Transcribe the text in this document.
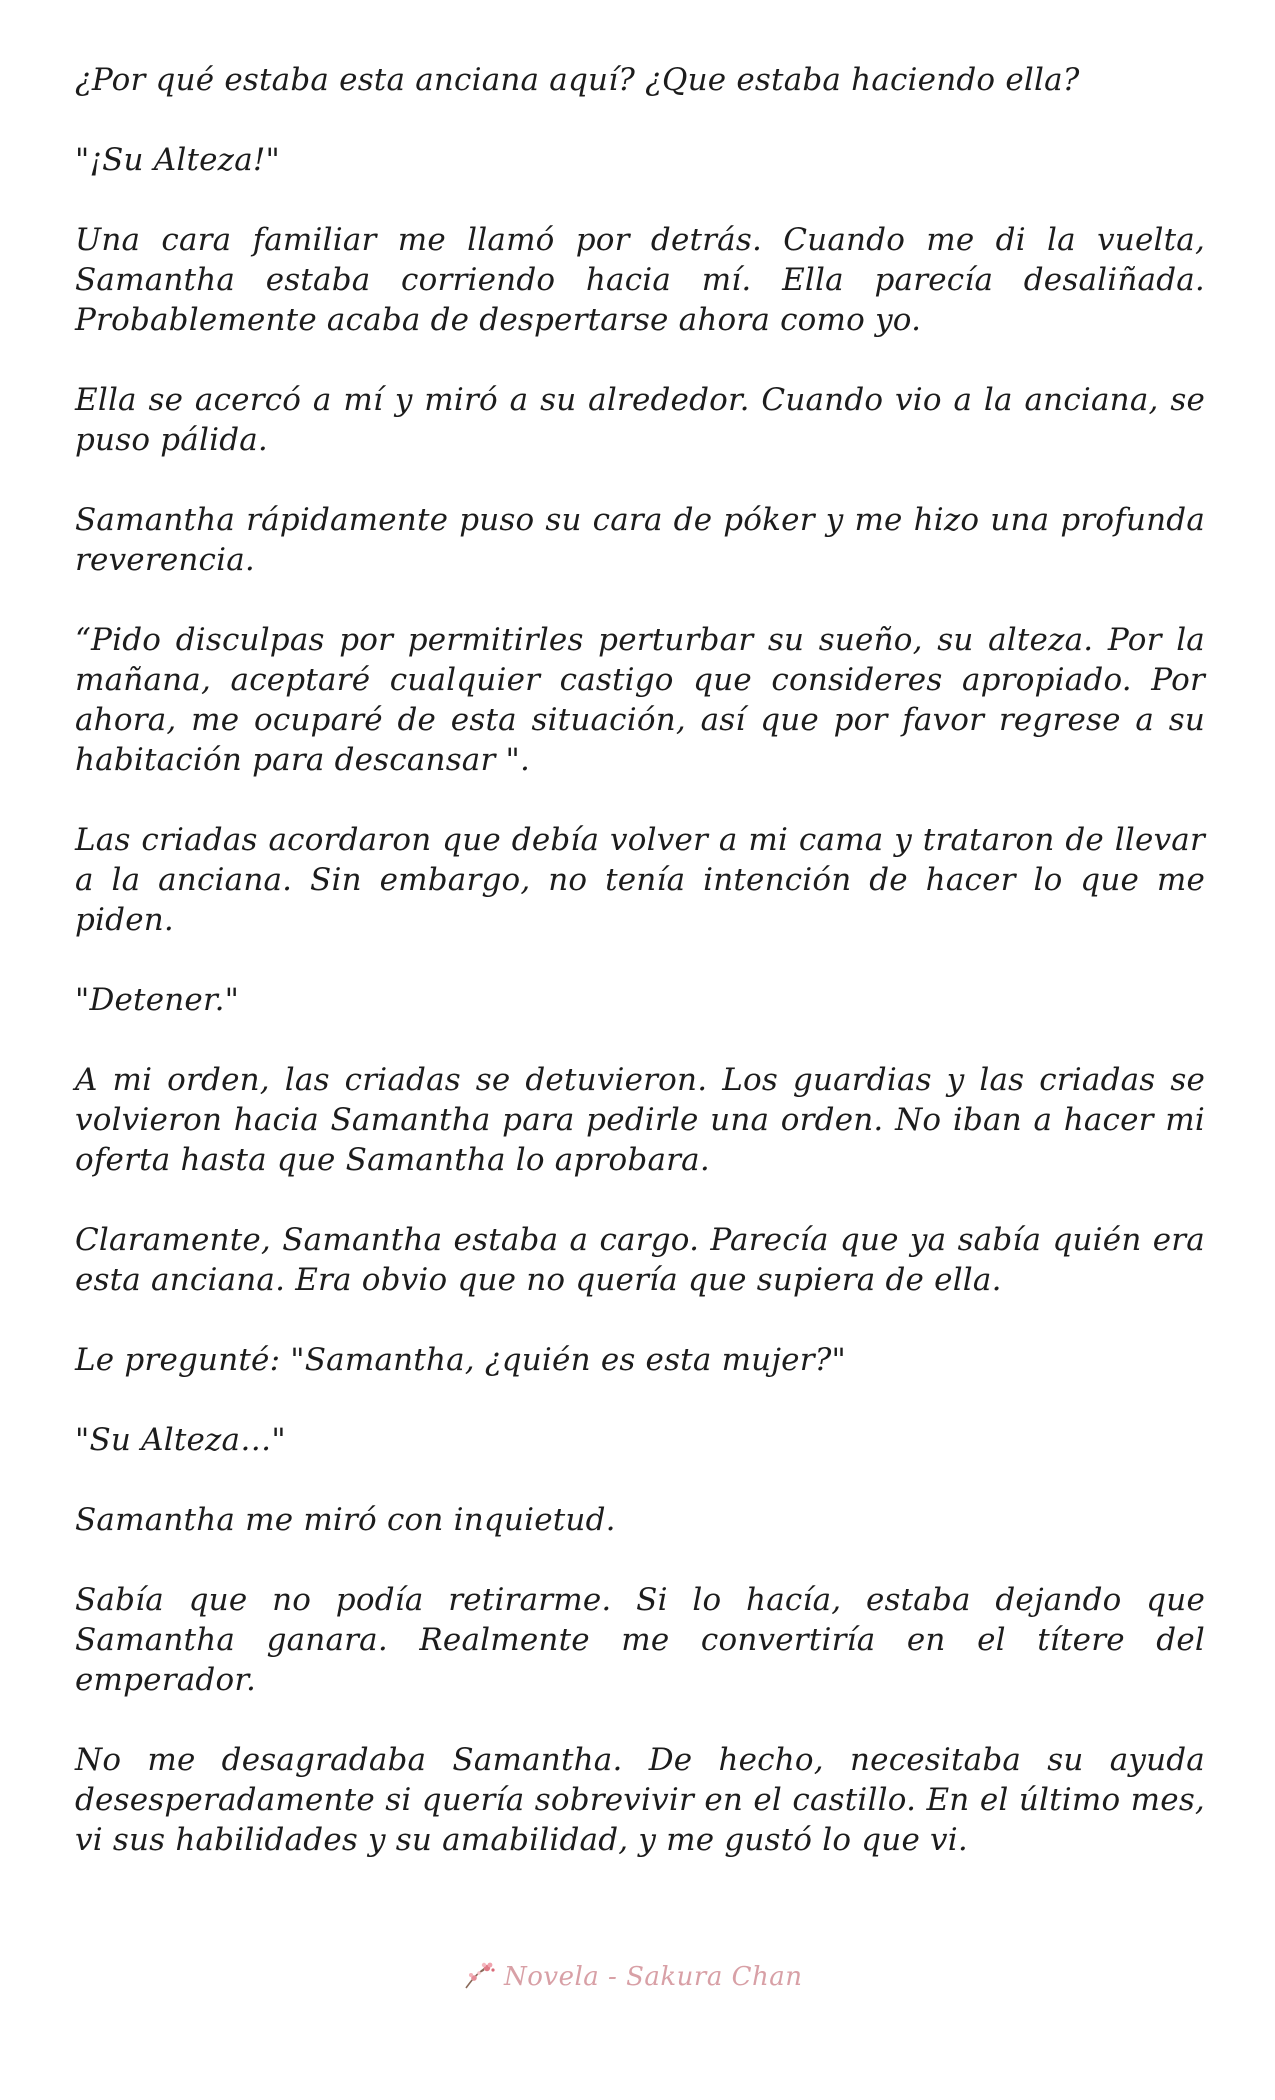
¿Por qué estaba esta anciana aquí? ¿Que estaba haciendo ella?

"¡Su Alteza!"

Una cara familiar me llamó por detrás. Cuando me di la vuelta, Samantha estaba corriendo hacia mí. Ella parecía desaliñada. Probablemente acaba de despertarse ahora como yo.

Ella se acercó a mí y miró a su alrededor. Cuando vio a la anciana, se puso pálida.

Samantha rápidamente puso su cara de póker y me hizo una profunda reverencia.

“Pido disculpas por permitirles perturbar su sueño, su alteza. Por la mañana, aceptaré cualquier castigo que consideres apropiado. Por ahora, me ocuparé de esta situación, así que por favor regrese a su habitación para descansar ".

Las criadas acordaron que debía volver a mi cama y trataron de llevar a la anciana. Sin embargo, no tenía intención de hacer lo que me piden.

"Detener."

A mi orden, las criadas se detuvieron. Los guardias y las criadas se volvieron hacia Samantha para pedirle una orden. No iban a hacer mi oferta hasta que Samantha lo aprobara.

Claramente, Samantha estaba a cargo. Parecía que ya sabía quién era esta anciana. Era obvio que no quería que supiera de ella.

Le pregunté: "Samantha, ¿quién es esta mujer?"

"Su Alteza…"

Samantha me miró con inquietud.

Sabía que no podía retirarme. Si lo hacía, estaba dejando que Samantha ganara. Realmente me convertiría en el títere del emperador.

No me desagradaba Samantha. De hecho, necesitaba su ayuda desesperadamente si quería sobrevivir en el castillo. En el último mes, vi sus habilidades y su amabilidad, y me gustó lo que vi.

Novela - Sakura Chan
